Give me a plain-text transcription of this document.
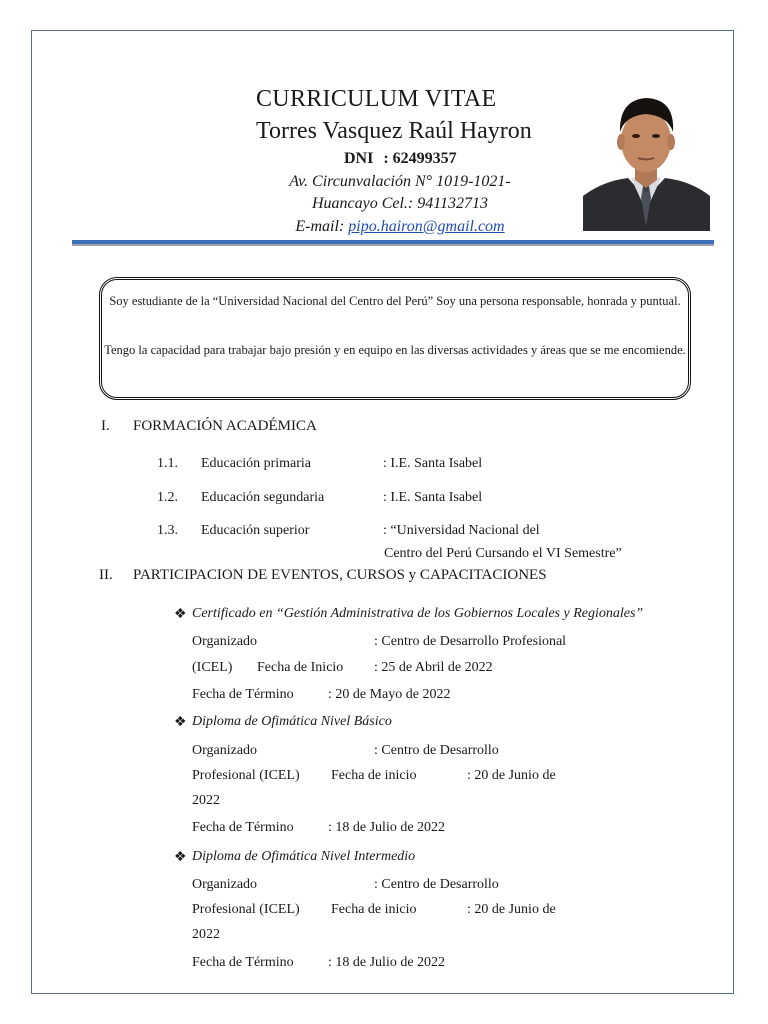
CURRICULUM VITAE
Torres Vasquez Raúl Hayron
DNI : 62499357
Av. Circunvalación N° 1019-1021-
Huancayo Cel.: 941132713
E-mail: pipo.hairon@gmail.com
Soy estudiante de la “Universidad Nacional del Centro del Perú” Soy una persona responsable, honrada y puntual.
Tengo la capacidad para trabajar bajo presión y en equipo en las diversas actividades y áreas que se me encomiende.
I. FORMACIÓN ACADÉMICA
1.1. Educación primaria	: I.E. Santa Isabel
1.2. Educación segundaria	: I.E. Santa Isabel
1.3. Educación superior	: “Universidad Nacional del
Centro del Perú Cursando el VI Semestre”
II. PARTICIPACION DE EVENTOS, CURSOS y CAPACITACIONES
❖ Certificado en “Gestión Administrativa de los Gobiernos Locales y Regionales”
Organizado	: Centro de Desarrollo Profesional
(ICEL) Fecha de Inicio : 25 de Abril de 2022
Fecha de Término : 20 de Mayo de 2022
❖ Diploma de Ofimática Nivel Básico
Organizado	: Centro de Desarrollo
Profesional (ICEL) Fecha de inicio	: 20 de Junio de
2022
Fecha de Término : 18 de Julio de 2022
❖ Diploma de Ofimática Nivel Intermedio
Organizado	: Centro de Desarrollo
Profesional (ICEL) Fecha de inicio	: 20 de Junio de
2022
Fecha de Término : 18 de Julio de 2022
